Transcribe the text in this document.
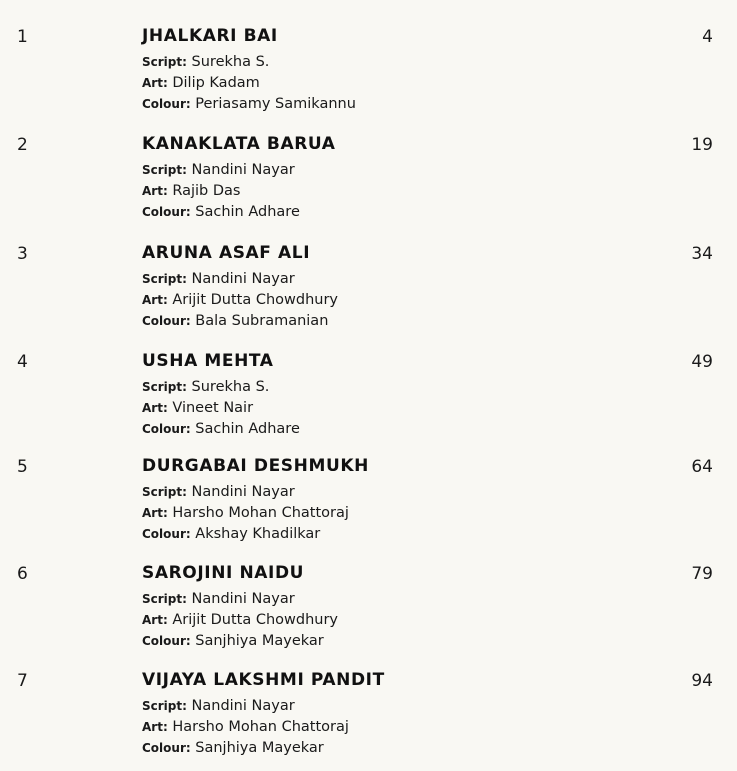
1	JHALKARI BAI	4
Script: Surekha S.
Art: Dilip Kadam
Colour: Periasamy Samikannu
2	KANAKLATA BARUA	19
Script: Nandini Nayar
Art: Rajib Das
Colour: Sachin Adhare
3	ARUNA ASAF ALI	34
Script: Nandini Nayar
Art: Arijit Dutta Chowdhury
Colour: Bala Subramanian
4	USHA MEHTA	49
Script: Surekha S.
Art: Vineet Nair
Colour: Sachin Adhare
5	DURGABAI DESHMUKH	64
Script: Nandini Nayar
Art: Harsho Mohan Chattoraj
Colour: Akshay Khadilkar
6	SAROJINI NAIDU	79
Script: Nandini Nayar
Art: Arijit Dutta Chowdhury
Colour: Sanjhiya Mayekar
7	VIJAYA LAKSHMI PANDIT	94
Script: Nandini Nayar
Art: Harsho Mohan Chattoraj
Colour: Sanjhiya Mayekar
